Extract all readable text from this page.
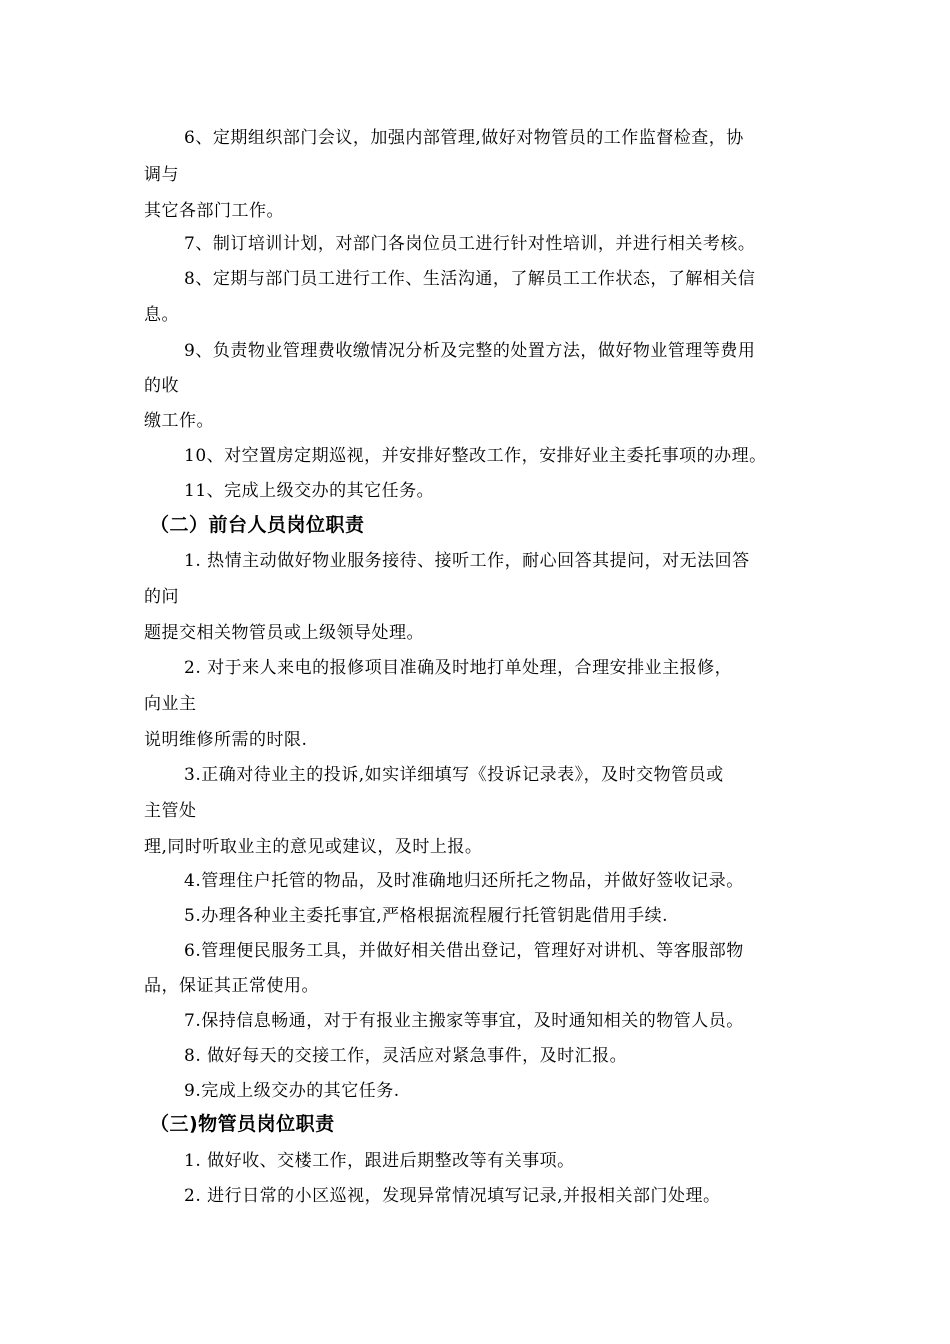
6、定期组织部门会议，加强内部管理,做好对物管员的工作监督检查，协
调与
其它各部门工作。
7、制订培训计划，对部门各岗位员工进行针对性培训，并进行相关考核。
8、定期与部门员工进行工作、生活沟通，了解员工工作状态，了解相关信
息。
9、负责物业管理费收缴情况分析及完整的处置方法，做好物业管理等费用
的收
缴工作。
10、对空置房定期巡视，并安排好整改工作，安排好业主委托事项的办理。
11、完成上级交办的其它任务。
（二）前台人员岗位职责
1. 热情主动做好物业服务接待、接听工作，耐心回答其提问，对无法回答
的问
题提交相关物管员或上级领导处理。
2. 对于来人来电的报修项目准确及时地打单处理，合理安排业主报修，
向业主
说明维修所需的时限.
3.正确对待业主的投诉,如实详细填写《投诉记录表》，及时交物管员或
主管处
理,同时听取业主的意见或建议，及时上报。
4.管理住户托管的物品，及时准确地归还所托之物品，并做好签收记录。
5.办理各种业主委托事宜,严格根据流程履行托管钥匙借用手续.
6.管理便民服务工具，并做好相关借出登记，管理好对讲机、等客服部物
品，保证其正常使用。
7.保持信息畅通，对于有报业主搬家等事宜，及时通知相关的物管人员。
8. 做好每天的交接工作，灵活应对紧急事件，及时汇报。
9.完成上级交办的其它任务.
（三)物管员岗位职责
1. 做好收、交楼工作，跟进后期整改等有关事项。
2. 进行日常的小区巡视，发现异常情况填写记录,并报相关部门处理。
